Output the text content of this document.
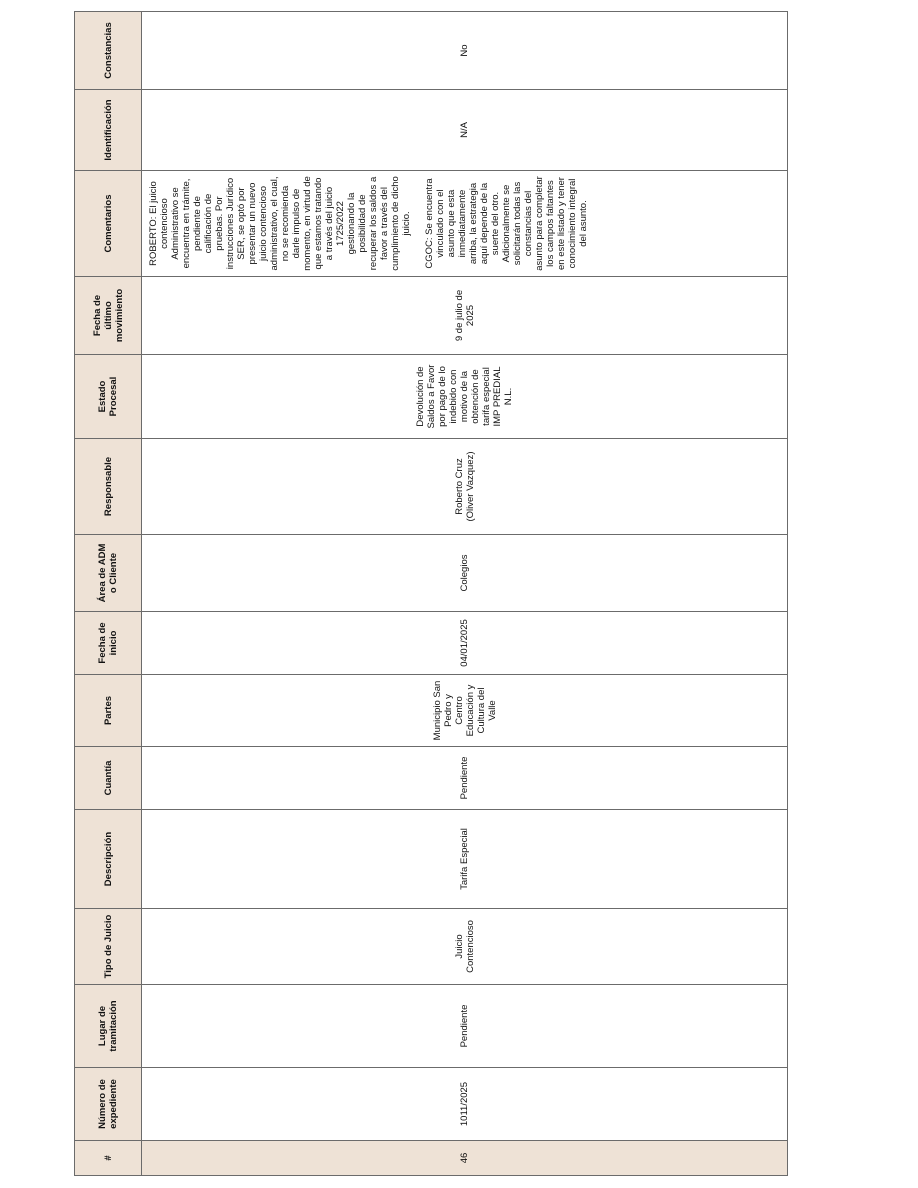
#	Número de expediente	Lugar de tramitación	Tipo de Juicio	Descripción	Cuantía	Partes	Fecha de inicio	Área de ADM o Cliente	Responsable	Estado Procesal	Fecha de último movimiento	Comentarios	Identificación	Constancias
46	1011/2025	Pendiente	Juicio Contencioso	Tarifa Especial	Pendiente	Municipio San Pedro y Centro Educación y Cultura del Valle	04/01/2025	Colegios	Roberto Cruz (Oliver Vazquez)	Devolución de Saldos a Favor por pago de lo indebido con motivo de la obtención de tarifa especial IMP PREDIAL N.L.	9 de julio de 2025	ROBERTO: El juicio contencioso Administrativo se encuentra en trámite, pendiente de calificación de pruebas. Por instrucciones Jurídico SER, se optó por presentar un nuevo juicio contencioso administrativo, el cual, no se recomienda darle impulso de momento, en virtud de que estamos tratando a través del juicio 1725/2022 gestionando la posibilidad de recuperar los saldos a favor a través del cumplimiento de dicho juicio. CGOC: Se encuentra vinculado con el asunto que esta inmediatamente arriba, la estrategia aquí depende de la suerte del otro. Adicionalmente se solicitarán todas las constancias del asunto para completar los campos faltantes en este listado y tener conocimiento integral del asunto.	N/A	No
